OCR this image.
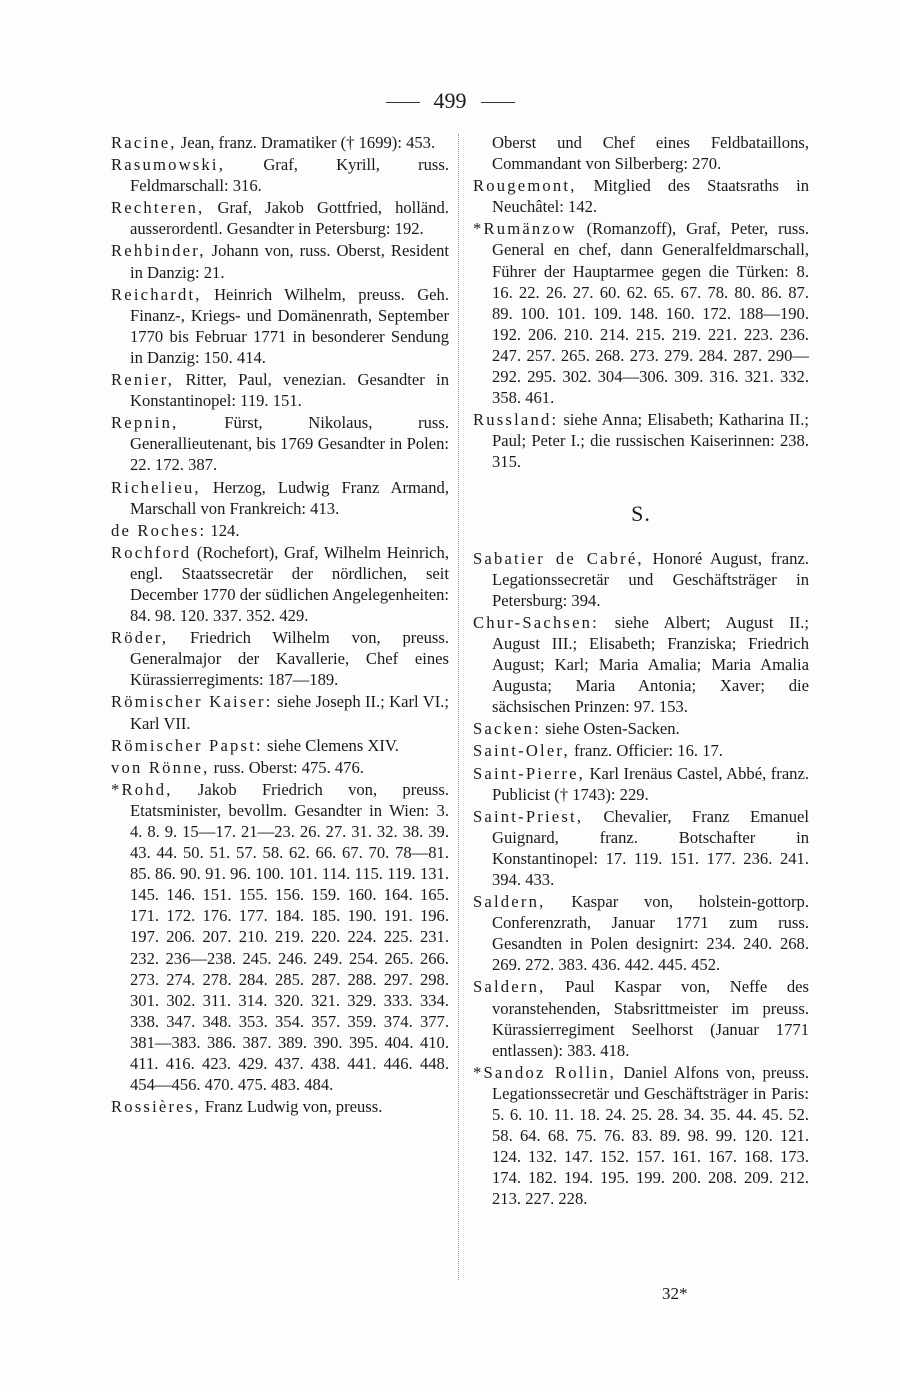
499

Racine, Jean, franz. Dramatiker († 1699): 453.

Rasumowski, Graf, Kyrill, russ. Feldmarschall: 316.

Rechteren, Graf, Jakob Gottfried, holländ. ausserordentl. Gesandter in Petersburg: 192.

Rehbinder, Johann von, russ. Oberst, Resident in Danzig: 21.

Reichardt, Heinrich Wilhelm, preuss. Geh. Finanz-, Kriegs- und Domänenrath, September 1770 bis Februar 1771 in besonderer Sendung in Danzig: 150. 414.

Renier, Ritter, Paul, venezian. Gesandter in Konstantinopel: 119. 151.

Repnin, Fürst, Nikolaus, russ. Generallieutenant, bis 1769 Gesandter in Polen: 22. 172. 387.

Richelieu, Herzog, Ludwig Franz Armand, Marschall von Frankreich: 413.

de Roches: 124.

Rochford (Rochefort), Graf, Wilhelm Heinrich, engl. Staatssecretär der nördlichen, seit December 1770 der südlichen Angelegenheiten: 84. 98. 120. 337. 352. 429.

Röder, Friedrich Wilhelm von, preuss. Generalmajor der Kavallerie, Chef eines Kürassierregiments: 187—189.

Römischer Kaiser: siehe Joseph II.; Karl VI.; Karl VII.

Römischer Papst: siehe Clemens XIV.

von Rönne, russ. Oberst: 475. 476.

*Rohd, Jakob Friedrich von, preuss. Etatsminister, bevollm. Gesandter in Wien: 3. 4. 8. 9. 15—17. 21—23. 26. 27. 31. 32. 38. 39. 43. 44. 50. 51. 57. 58. 62. 66. 67. 70. 78—81. 85. 86. 90. 91. 96. 100. 101. 114. 115. 119. 131. 145. 146. 151. 155. 156. 159. 160. 164. 165. 171. 172. 176. 177. 184. 185. 190. 191. 196. 197. 206. 207. 210. 219. 220. 224. 225. 231. 232. 236—238. 245. 246. 249. 254. 265. 266. 273. 274. 278. 284. 285. 287. 288. 297. 298. 301. 302. 311. 314. 320. 321. 329. 333. 334. 338. 347. 348. 353. 354. 357. 359. 374. 377. 381—383. 386. 387. 389. 390. 395. 404. 410. 411. 416. 423. 429. 437. 438. 441. 446. 448. 454—456. 470. 475. 483. 484.

Rossières, Franz Ludwig von, preuss.

Oberst und Chef eines Feldbataillons, Commandant von Silberberg: 270.

Rougemont, Mitglied des Staatsraths in Neuchâtel: 142.

*Rumänzow (Romanzoff), Graf, Peter, russ. General en chef, dann Generalfeldmarschall, Führer der Hauptarmee gegen die Türken: 8. 16. 22. 26. 27. 60. 62. 65. 67. 78. 80. 86. 87. 89. 100. 101. 109. 148. 160. 172. 188—190. 192. 206. 210. 214. 215. 219. 221. 223. 236. 247. 257. 265. 268. 273. 279. 284. 287. 290—292. 295. 302. 304—306. 309. 316. 321. 332. 358. 461.

Russland: siehe Anna; Elisabeth; Katharina II.; Paul; Peter I.; die russischen Kaiserinnen: 238. 315.

S.

Sabatier de Cabré, Honoré August, franz. Legationssecretär und Geschäftsträger in Petersburg: 394.

Chur-Sachsen: siehe Albert; August II.; August III.; Elisabeth; Franziska; Friedrich August; Karl; Maria Amalia; Maria Amalia Augusta; Maria Antonia; Xaver; die sächsischen Prinzen: 97. 153.

Sacken: siehe Osten-Sacken.

Saint-Oler, franz. Officier: 16. 17.

Saint-Pierre, Karl Irenäus Castel, Abbé, franz. Publicist († 1743): 229.

Saint-Priest, Chevalier, Franz Emanuel Guignard, franz. Botschafter in Konstantinopel: 17. 119. 151. 177. 236. 241. 394. 433.

Saldern, Kaspar von, holstein-gottorp. Conferenzrath, Januar 1771 zum russ. Gesandten in Polen designirt: 234. 240. 268. 269. 272. 383. 436. 442. 445. 452.

Saldern, Paul Kaspar von, Neffe des voranstehenden, Stabsrittmeister im preuss. Kürassierregiment Seelhorst (Januar 1771 entlassen): 383. 418.

*Sandoz Rollin, Daniel Alfons von, preuss. Legationssecretär und Geschäftsträger in Paris: 5. 6. 10. 11. 18. 24. 25. 28. 34. 35. 44. 45. 52. 58. 64. 68. 75. 76. 83. 89. 98. 99. 120. 121. 124. 132. 147. 152. 157. 161. 167. 168. 173. 174. 182. 194. 195. 199. 200. 208. 209. 212. 213. 227. 228.

32*
